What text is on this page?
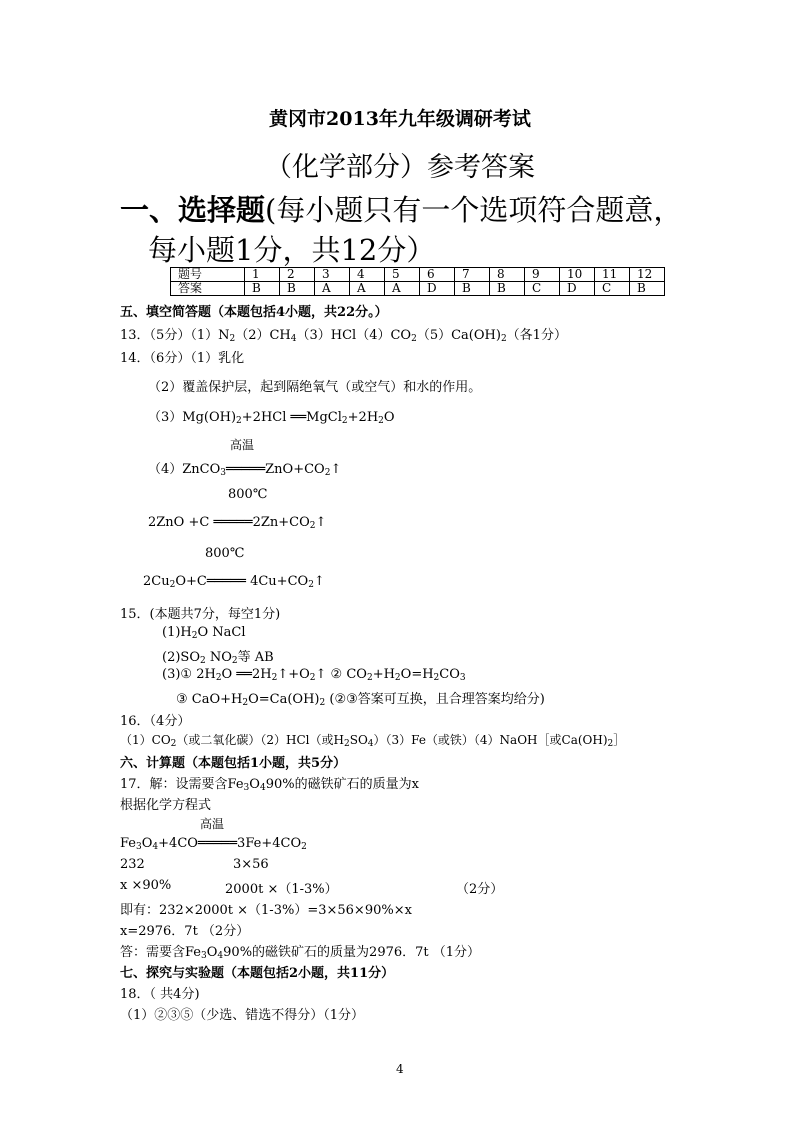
黄冈市2013年九年级调研考试
（化学部分）参考答案
一、选择题(每小题只有一个选项符合题意，
每小题1分，共12分）
题号	1	2	3	4	5	6	7	8	9	10	11	12
答案	B	B	A	A	A	D	B	B	C	D	C	B
五、填空简答题（本题包括4小题，共22分。）
13．（5分）$(1)N_2(2)CH_4(3)HCl(4)CO_2(5)Ca(OH)_2$（各1分）
14．（6分）（1）乳化
（2）覆盖保护层，起到隔绝氧气（或空气）和水的作用。
$(3)Mg(OH)_2+2HCl$ $══MgCl_2+2H_2O$
高温
$(4)ZnCO_3═════ZnO+CO_2↑$
800℃
2ZnO +C $═════2Zn+CO_2↑$
800℃
$2Cu_2O+C═════$ $4Cu+CO_2↑$
15．(本题共7分，每空1分)
$(1)H_2O$ NaCl
$(2)SO_2$ $NO_2$等 AB
(3)① $2H_2O$ $══2H_2↑+O_2↑$ ② $CO_2+H_2O=H_2CO_3$
③ $CaO+H_2O=Ca(OH)_2$ (②③答案可互换，且合理答案均给分)
16．（4分）
$(1)CO_2$（或二氧化碳）（2）HCl（或$H_2SO_4)(3)Fe$（或铁）（4）NaOH［或$Ca(OH)_2]$
六、计算题（本题包括1小题，共5分）
17．解：设需要含$Fe_3O_490\%$的磁铁矿石的质量为x
根据化学方程式
高温
$Fe_3O_4+4CO═════3Fe+4CO_2$
232	3×56
x ×90%	2000t ×（1-3%）	（2分）
即有：232×2000t ×（1-3%）=3×56×90%×x
x=2976．7t （2分）
答：需要含$Fe_3O_490\%$的磁铁矿石的质量为2976．7t （1分）
七、探究与实验题（本题包括2小题，共11分）
18．（ 共4分)
（1）②③⑤（少选、错选不得分）（1分）
4
